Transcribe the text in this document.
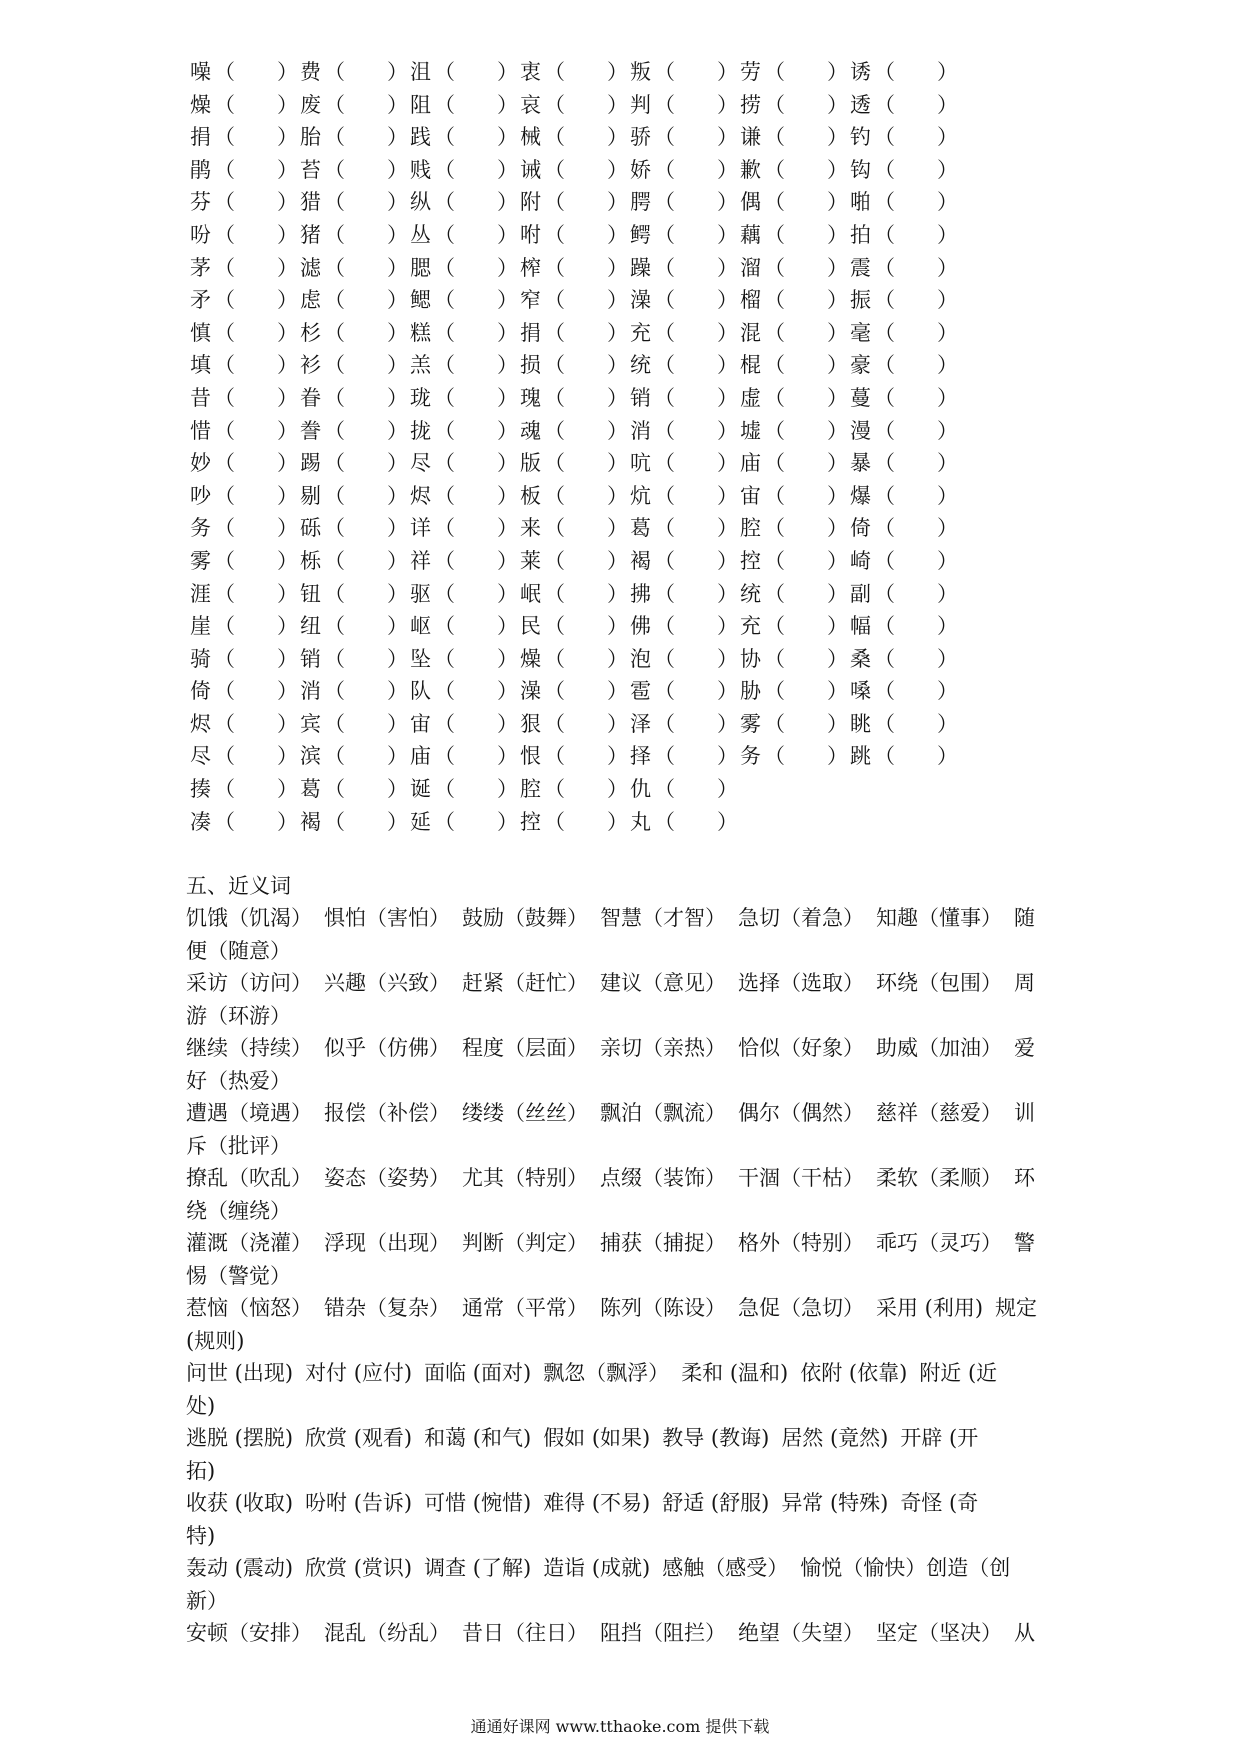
噪 （　　） 费 （　　） 沮 （　　） 衷 （　　） 叛 （　　） 劳 （　　） 诱 （　　）
燥 （　　） 废 （　　） 阻 （　　） 哀 （　　） 判 （　　） 捞 （　　） 透 （　　）
捐 （　　） 胎 （　　） 践 （　　） 械 （　　） 骄 （　　） 谦 （　　） 钓 （　　）
鹃 （　　） 苔 （　　） 贱 （　　） 诫 （　　） 娇 （　　） 歉 （　　） 钩 （　　）
芬 （　　） 猎 （　　） 纵 （　　） 附 （　　） 腭 （　　） 偶 （　　） 啪 （　　）
吩 （　　） 猪 （　　） 丛 （　　） 咐 （　　） 鳄 （　　） 藕 （　　） 拍 （　　）
茅 （　　） 滤 （　　） 腮 （　　） 榨 （　　） 躁 （　　） 溜 （　　） 震 （　　）
矛 （　　） 虑 （　　） 鳃 （　　） 窄 （　　） 澡 （　　） 榴 （　　） 振 （　　）
慎 （　　） 杉 （　　） 糕 （　　） 捐 （　　） 充 （　　） 混 （　　） 毫 （　　）
填 （　　） 衫 （　　） 羔 （　　） 损 （　　） 统 （　　） 棍 （　　） 豪 （　　）
昔 （　　） 眷 （　　） 珑 （　　） 瑰 （　　） 销 （　　） 虚 （　　） 蔓 （　　）
惜 （　　） 誊 （　　） 拢 （　　） 魂 （　　） 消 （　　） 墟 （　　） 漫 （　　）
妙 （　　） 踢 （　　） 尽 （　　） 版 （　　） 吭 （　　） 庙 （　　） 暴 （　　）
吵 （　　） 剔 （　　） 烬 （　　） 板 （　　） 炕 （　　） 宙 （　　） 爆 （　　）
务 （　　） 砾 （　　） 详 （　　） 来 （　　） 葛 （　　） 腔 （　　） 倚 （　　）
雾 （　　） 栎 （　　） 祥 （　　） 莱 （　　） 褐 （　　） 控 （　　） 崎 （　　）
涯 （　　） 钮 （　　） 驱 （　　） 岷 （　　） 拂 （　　） 统 （　　） 副 （　　）
崖 （　　） 纽 （　　） 岖 （　　） 民 （　　） 佛 （　　） 充 （　　） 幅 （　　）
骑 （　　） 销 （　　） 坠 （　　） 燥 （　　） 泡 （　　） 协 （　　） 桑 （　　）
倚 （　　） 消 （　　） 队 （　　） 澡 （　　） 雹 （　　） 胁 （　　） 嗓 （　　）
烬 （　　） 宾 （　　） 宙 （　　） 狠 （　　） 泽 （　　） 雾 （　　） 眺 （　　）
尽 （　　） 滨 （　　） 庙 （　　） 恨 （　　） 择 （　　） 务 （　　） 跳 （　　）
揍 （　　） 葛 （　　） 诞 （　　） 腔 （　　） 仇 （　　）
凑 （　　） 褐 （　　） 延 （　　） 控 （　　） 丸 （　　）
五、近义词
饥饿（饥渴） 惧怕（害怕） 鼓励（鼓舞） 智慧（才智） 急切（着急） 知趣（懂事） 随
便（随意）
采访（访问） 兴趣（兴致） 赶紧（赶忙） 建议（意见） 选择（选取） 环绕（包围） 周
游（环游）
继续（持续） 似乎（仿佛） 程度（层面） 亲切（亲热） 恰似（好象） 助威（加油） 爱
好（热爱）
遭遇（境遇） 报偿（补偿） 缕缕（丝丝） 飘泊（飘流） 偶尔（偶然） 慈祥（慈爱） 训
斥（批评）
撩乱（吹乱） 姿态（姿势） 尤其（特别） 点缀（装饰） 干涸（干枯） 柔软（柔顺） 环
绕（缠绕）
灌溉（浇灌） 浮现（出现） 判断（判定） 捕获（捕捉） 格外（特别） 乖巧（灵巧） 警
惕（警觉）
惹恼（恼怒） 错杂（复杂） 通常（平常） 陈列（陈设） 急促（急切） 采用 (利用) 规定
(规则)
问世 (出现) 对付 (应付) 面临 (面对) 飘忽（飘浮） 柔和 (温和) 依附 (依靠) 附近 (近
处)
逃脱 (摆脱) 欣赏 (观看) 和蔼 (和气) 假如 (如果) 教导 (教诲) 居然 (竟然) 开辟 (开
拓)
收获 (收取) 吩咐 (告诉) 可惜 (惋惜) 难得 (不易) 舒适 (舒服) 异常 (特殊) 奇怪 (奇
特)
轰动 (震动) 欣赏 (赏识) 调查 (了解) 造诣 (成就) 感触（感受） 愉悦（愉快）创造（创
新）
安顿（安排） 混乱（纷乱） 昔日（往日） 阻挡（阻拦） 绝望（失望） 坚定（坚决） 从
通通好课网 www.tthaoke.com 提供下载
